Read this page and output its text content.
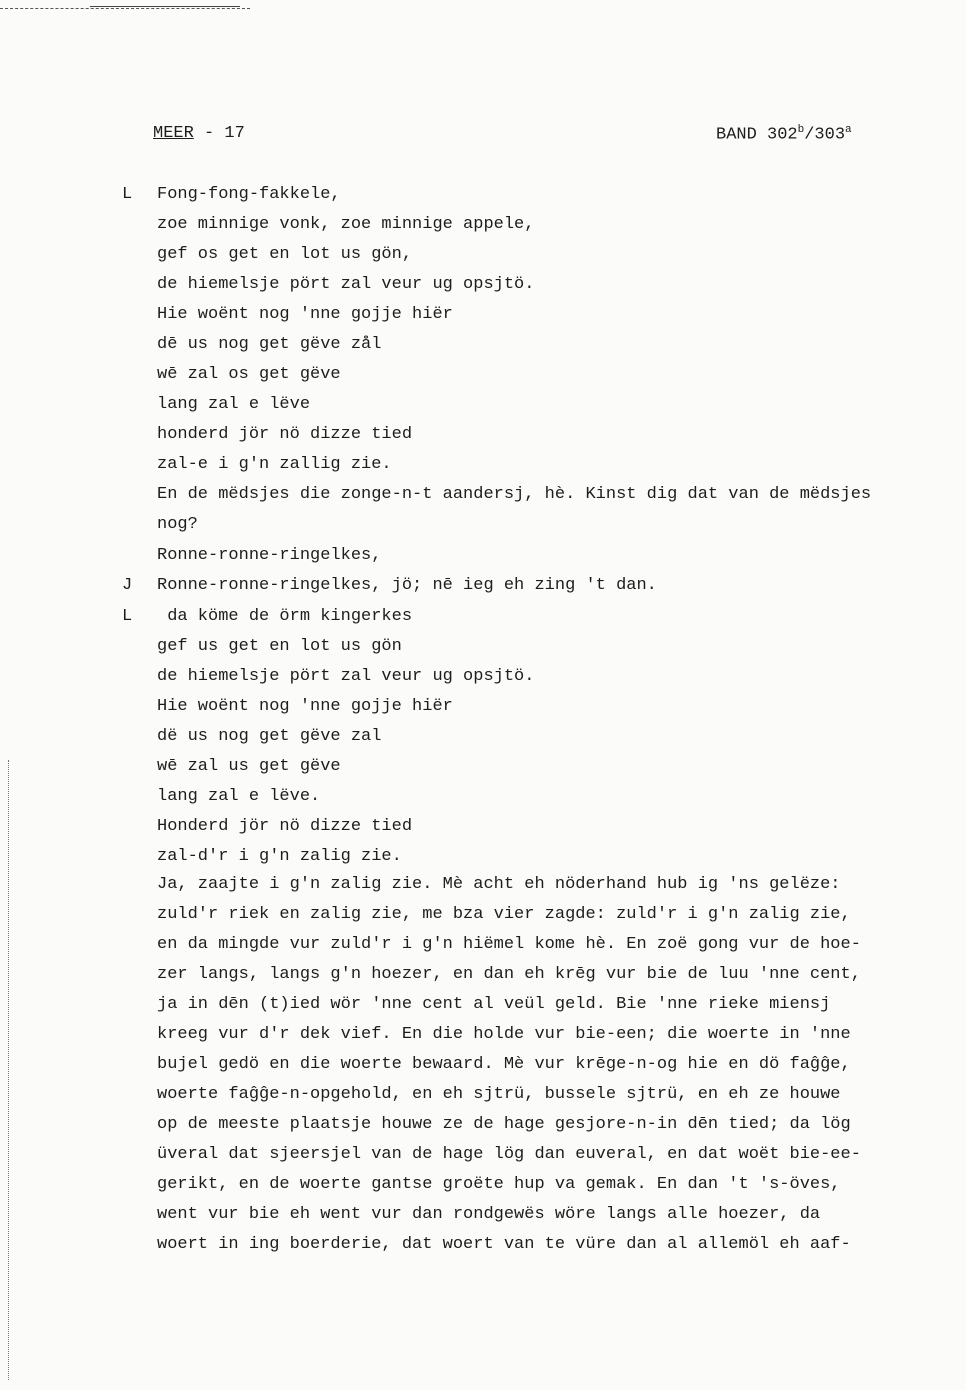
MEER - 17	BAND 302$^b$/303$^a$
L
J
L
Fong-fong-fakkele,
zoe minnige vonk, zoe minnige appele,
gef os get en lot us gön,
de hiemelsje pört zal veur ug opsjtö.
Hie woënt nog 'nne gojje hiër
dē us nog get gëve zål
wē zal os get gëve
lang zal e lëve
honderd jör nö dizze tied
zal-e i g'n zallig zie.
En de mëdsjes die zonge-n-t aandersj, hè. Kinst dig dat van de mëdsjes
nog?
Ronne-ronne-ringelkes,
Ronne-ronne-ringelkes, jö; nē ieg eh zing 't dan.
da köme de örm kingerkes
gef us get en lot us gön
de hiemelsje pört zal veur ug opsjtö.
Hie woënt nog 'nne gojje hiër
dë us nog get gëve zal
wē zal us get gëve
lang zal e lëve.
Honderd jör nö dizze tied
zal-d'r i g'n zalig zie.
Ja, zaajte i g'n zalig zie. Mè acht eh nöderhand hub ig 'ns gelëze:
zuld'r riek en zalig zie, me bza vier zagde: zuld'r i g'n zalig zie,
en da mingde vur zuld'r i g'n hiëmel kome hè. En zoë gong vur de hoe-
zer langs, langs g'n hoezer, en dan eh krēg vur bie de luu 'nne cent,
ja in dēn (t)ied wör 'nne cent al veül geld. Bie 'nne rieke miensj
kreeg vur d'r dek vief. En die holde vur bie-een; die woerte in 'nne
bujel gedö en die woerte bewaard. Mè vur krēge-n-og hie en dö faĝĝe,
woerte faĝĝe-n-opgehold, en eh sjtrü, bussele sjtrü, en eh ze houwe
op de meeste plaatsje houwe ze de hage gesjore-n-in dēn tied; da lög
üveral dat sjeersjel van de hage lög dan euveral, en dat woët bie-ee-
gerikt, en de woerte gantse groëte hup va gemak. En dan 't 's-öves,
went vur bie eh went vur dan rondgewës wöre langs alle hoezer, da
woert in ing boerderie, dat woert van te vüre dan al allemöl eh aaf-
